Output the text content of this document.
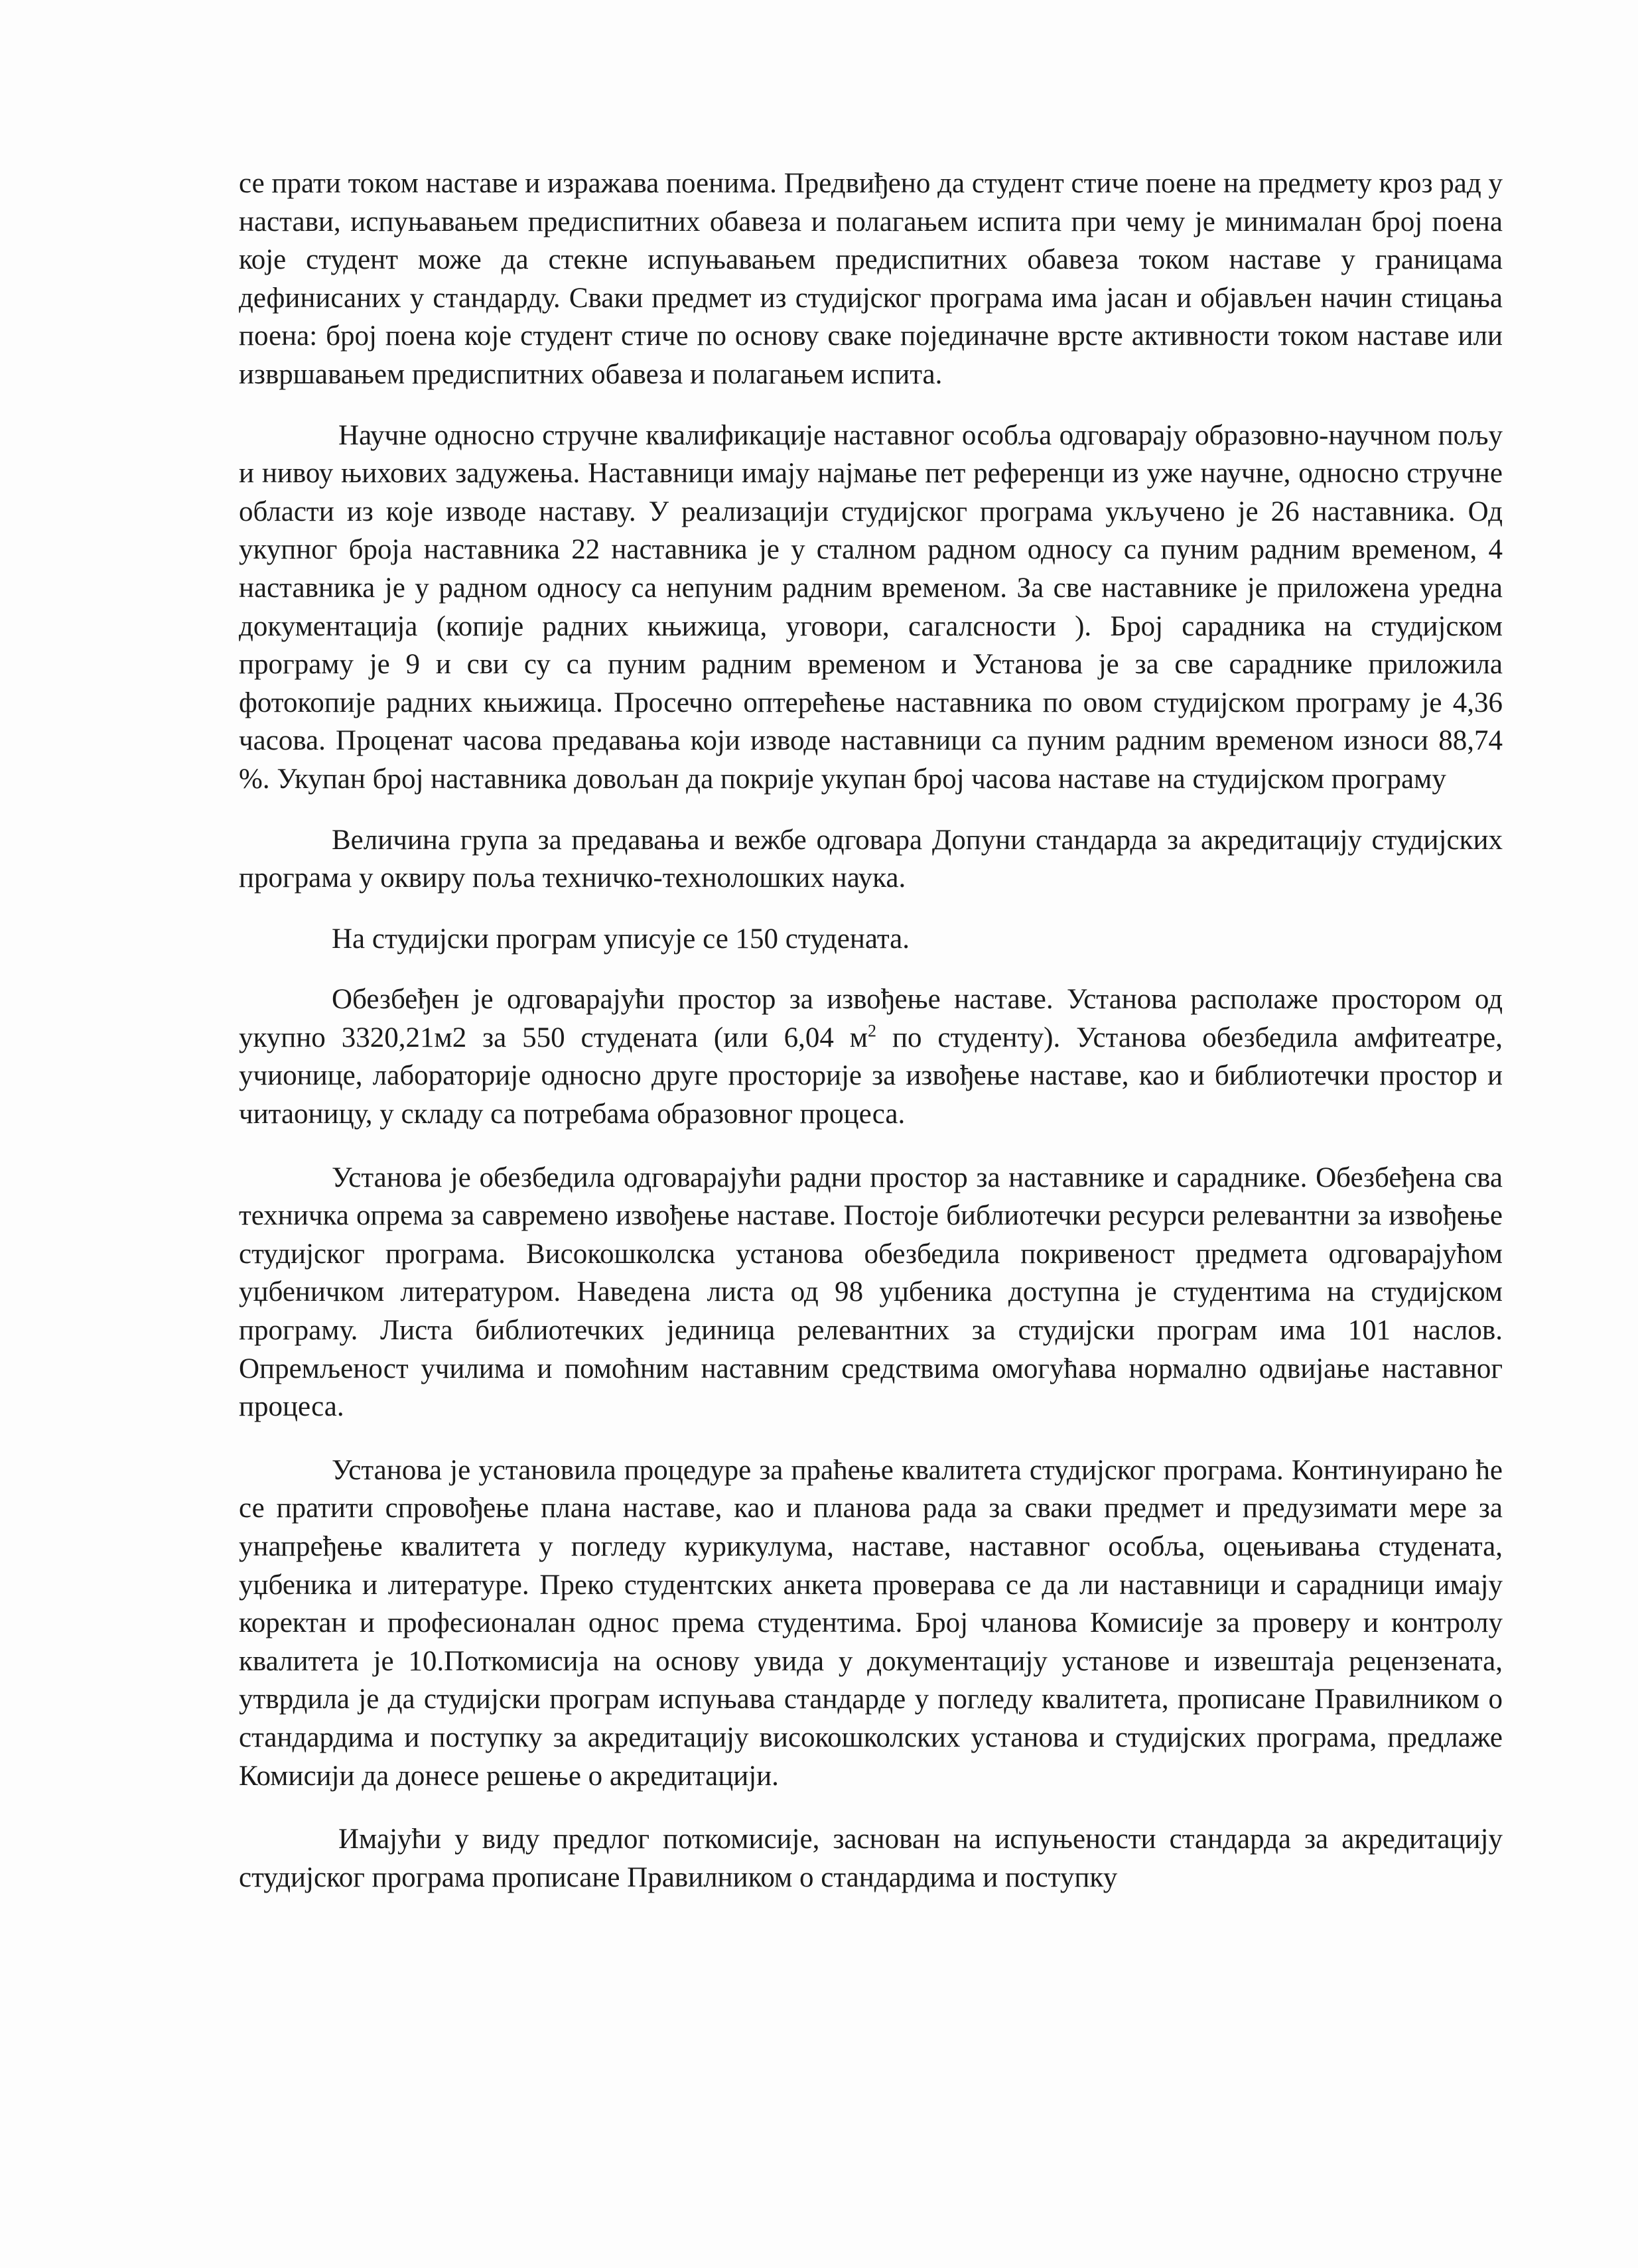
се прати током наставе и изражава поенима. Предвиђено да студент стиче поене на предмету кроз рад у настави, испуњавањем предиспитних обавеза и полагањем испита при чему је минималан број поена које студент може да стекне испуњавањем предиспитних обавеза током наставе у границама дефинисаних у стандарду. Сваки предмет из студијског програма има јасан и објављен начин стицања поена: број поена које студент стиче по основу сваке појединачне врсте активности током наставе или извршавањем предиспитних обавеза и полагањем испита.

Научне односно стручне квалификације наставног особља одговарају образовно-научном пољу и нивоу њихових задужења. Наставници имају најмање пет референци из уже научне, односно стручне области из које изводе наставу. У реализацији студијског програма укључено је 26 наставника. Од укупног броја наставника 22 наставника је у сталном радном односу са пуним радним временом, 4 наставника је у радном односу са непуним радним временом. За све наставнике је приложена уредна документација (копије радних књижица, уговори, сагалсности ). Број сарадника на студијском програму је 9 и сви су са пуним радним временом и Установа је за све сараднике приложила фотокопије радних књижица. Просечно оптерећење наставника по овом студијском програму је 4,36 часова. Проценат часова предавања који изводе наставници са пуним радним временом износи 88,74 %. Укупан број наставника довољан да покрије укупан број часова наставе на студијском програму

Величина група за предавања и вежбе одговара Допуни стандарда за акредитацију студијских програма у оквиру поља техничко-технолошких наука.

На студијски програм уписује се 150 студената.

Обезбеђен је одговарајући простор за извођење наставе. Установа располаже простором од укупно 3320,21м2 за 550 студената (или 6,04 $м^2$ по студенту). Установа обезбедила амфитеатре, учионице, лабораторије односно друге просторије за извођење наставе, као и библиотечки простор и читаоницу, у складу са потребама образовног процеса.

Установа је обезбедила одговарајући радни простор за наставнике и сараднике. Обезбеђена сва техничка опрема за савремено извођење наставе. Постоје библиотечки ресурси релевантни за извођење студијског програма. Високошколска установа обезбедила покривеност предмета одговарајућом уџбеничком литературом. Наведена листа од 98 уџбеника доступна је студентима на студијском програму. Листа библиотечких јединица релевантних за студијски програм има 101 наслов. Опремљеност училима и помоћним наставним средствима омогућава нормално одвијање наставног процеса.

Установа је установила процедуре за праћење квалитета студијског програма. Континуирано ће се пратити спровођење плана наставе, као и планова рада за сваки предмет и предузимати мере за унапређење квалитета у погледу курикулума, наставе, наставног особља, оцењивања студената, уџбеника и литературе. Преко студентских анкета проверава се да ли наставници и сарадници имају коректан и професионалан однос према студентима. Број чланова Комисије за проверу и контролу квалитета је 10.Поткомисија на основу увида у документацију установе и извештаја рецензената, утврдила је да студијски програм испуњава стандарде у погледу квалитета, прописане Правилником о стандардима и поступку за акредитацију високошколских установа и студијских програма, предлаже Комисији да донесе решење о акредитацији.

Имајући у виду предлог поткомисије, заснован на испуњености стандарда за акредитацију студијског програма прописане Правилником о стандардима и поступку
